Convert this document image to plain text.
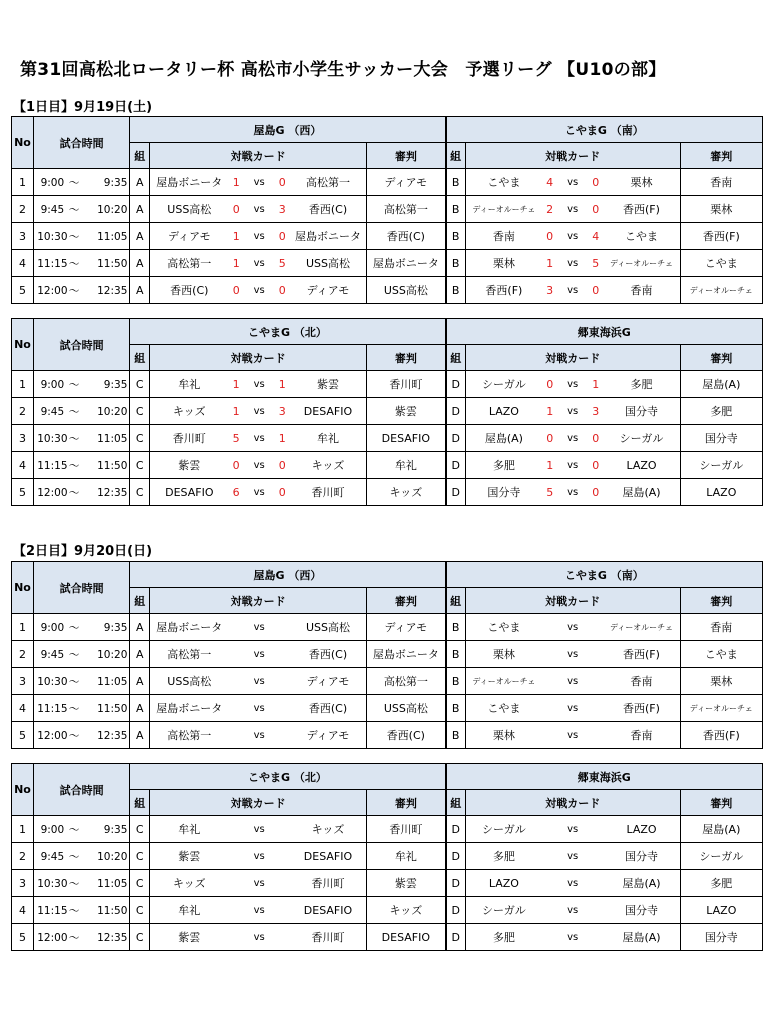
第31回高松北ロータリー杯 高松市小学生サッカー大会　予選リーグ 【U10の部】
【1日目】9月19日(土)
【2日目】9月20日(日)
No	試合時間	屋島G （西）							こやまG （南）						
		組	対戦カード					審判	組	対戦カード					審判
1	9:00 ～ 9:35	A	屋島ボニータ	1	vs	0	高松第一	ディアモ	B	こやま	4	vs	0	栗林	香南
2	9:45 ～ 10:20	A	USS高松	0	vs	3	香西(C)	高松第一	B	ディーオルーチェ	2	vs	0	香西(F)	栗林
3	10:30～ 11:05	A	ディアモ	1	vs	0	屋島ボニータ	香西(C)	B	香南	0	vs	4	こやま	香西(F)
4	11:15～ 11:50	A	高松第一	1	vs	5	USS高松	屋島ボニータ	B	栗林	1	vs	5	ディーオルーチェ	こやま
5	12:00～ 12:35	A	香西(C)	0	vs	0	ディアモ	USS高松	B	香西(F)	3	vs	0	香南	ディーオルーチェ
No	試合時間	こやまG （北）							郷東海浜G						
		組	対戦カード					審判	組	対戦カード					審判
1	9:00 ～ 9:35	C	牟礼	1	vs	1	紫雲	香川町	D	シーガル	0	vs	1	多肥	屋島(A)
2	9:45 ～ 10:20	C	キッズ	1	vs	3	DESAFIO	紫雲	D	LAZO	1	vs	3	国分寺	多肥
3	10:30～ 11:05	C	香川町	5	vs	1	牟礼	DESAFIO	D	屋島(A)	0	vs	0	シーガル	国分寺
4	11:15～ 11:50	C	紫雲	0	vs	0	キッズ	牟礼	D	多肥	1	vs	0	LAZO	シーガル
5	12:00～ 12:35	C	DESAFIO	6	vs	0	香川町	キッズ	D	国分寺	5	vs	0	屋島(A)	LAZO
No	試合時間	屋島G （西）							こやまG （南）						
		組	対戦カード					審判	組	対戦カード					審判
1	9:00 ～ 9:35	A	屋島ボニータ		vs		USS高松	ディアモ	B	こやま		vs		ディーオルーチェ	香南
2	9:45 ～ 10:20	A	高松第一		vs		香西(C)	屋島ボニータ	B	栗林		vs		香西(F)	こやま
3	10:30～ 11:05	A	USS高松		vs		ディアモ	高松第一	B	ディーオルーチェ		vs		香南	栗林
4	11:15～ 11:50	A	屋島ボニータ		vs		香西(C)	USS高松	B	こやま		vs		香西(F)	ディーオルーチェ
5	12:00～ 12:35	A	高松第一		vs		ディアモ	香西(C)	B	栗林		vs		香南	香西(F)
No	試合時間	こやまG （北）							郷東海浜G						
		組	対戦カード					審判	組	対戦カード					審判
1	9:00 ～ 9:35	C	牟礼		vs		キッズ	香川町	D	シーガル		vs		LAZO	屋島(A)
2	9:45 ～ 10:20	C	紫雲		vs		DESAFIO	牟礼	D	多肥		vs		国分寺	シーガル
3	10:30～ 11:05	C	キッズ		vs		香川町	紫雲	D	LAZO		vs		屋島(A)	多肥
4	11:15～ 11:50	C	牟礼		vs		DESAFIO	キッズ	D	シーガル		vs		国分寺	LAZO
5	12:00～ 12:35	C	紫雲		vs		香川町	DESAFIO	D	多肥		vs		屋島(A)	国分寺
